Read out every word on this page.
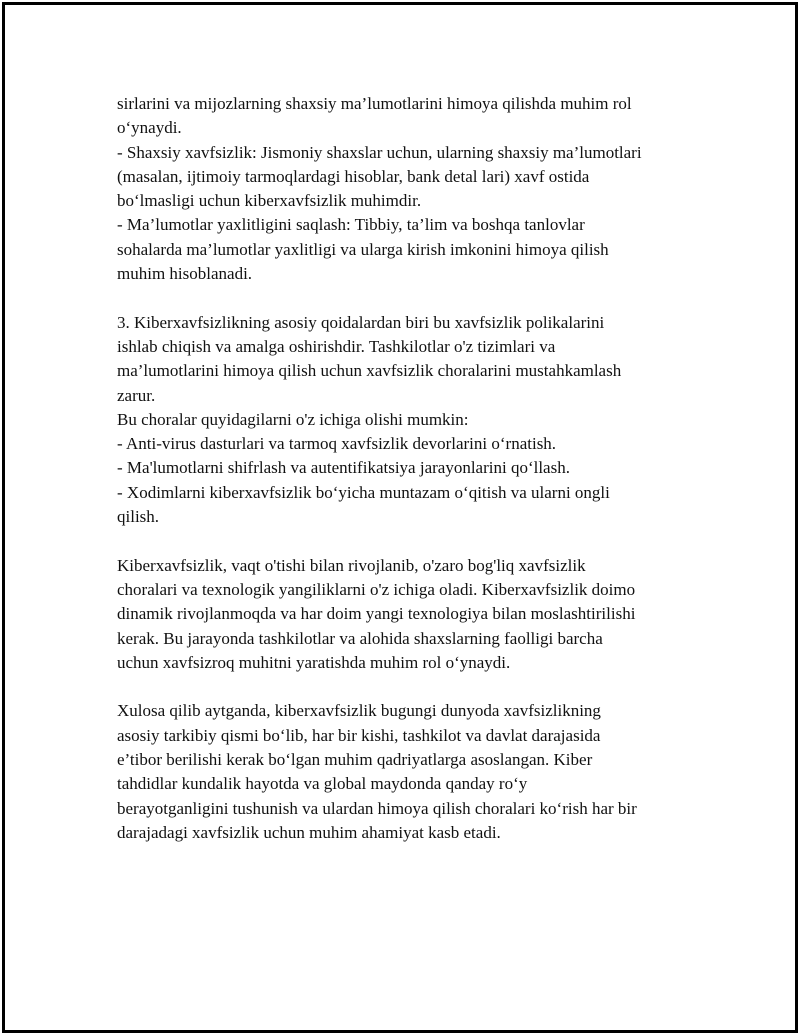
sirlarini va mijozlarning shaxsiy ma’lumotlarini himoya qilishda muhim rol
o‘ynaydi.
- Shaxsiy xavfsizlik: Jismoniy shaxslar uchun, ularning shaxsiy ma’lumotlari
(masalan, ijtimoiy tarmoqlardagi hisoblar, bank detal lari) xavf ostida
bo‘lmasligi uchun kiberxavfsizlik muhimdir.
- Ma’lumotlar yaxlitligini saqlash: Tibbiy, ta’lim va boshqa tanlovlar
sohalarda ma’lumotlar yaxlitligi va ularga kirish imkonini himoya qilish
muhim hisoblanadi.
3. Kiberxavfsizlikning asosiy qoidalardan biri bu xavfsizlik polikalarini
ishlab chiqish va amalga oshirishdir. Tashkilotlar o'z tizimlari va
ma’lumotlarini himoya qilish uchun xavfsizlik choralarini mustahkamlash
zarur.
Bu choralar quyidagilarni o'z ichiga olishi mumkin:
- Anti-virus dasturlari va tarmoq xavfsizlik devorlarini o‘rnatish.
- Ma'lumotlarni shifrlash va autentifikatsiya jarayonlarini qo‘llash.
- Xodimlarni kiberxavfsizlik bo‘yicha muntazam o‘qitish va ularni ongli
qilish.
Kiberxavfsizlik, vaqt o'tishi bilan rivojlanib, o'zaro bog'liq xavfsizlik
choralari va texnologik yangiliklarni o'z ichiga oladi. Kiberxavfsizlik doimo
dinamik rivojlanmoqda va har doim yangi texnologiya bilan moslashtirilishi
kerak. Bu jarayonda tashkilotlar va alohida shaxslarning faolligi barcha
uchun xavfsizroq muhitni yaratishda muhim rol o‘ynaydi.
Xulosa qilib aytganda, kiberxavfsizlik bugungi dunyoda xavfsizlikning
asosiy tarkibiy qismi bo‘lib, har bir kishi, tashkilot va davlat darajasida
e’tibor berilishi kerak bo‘lgan muhim qadriyatlarga asoslangan. Kiber
tahdidlar kundalik hayotda va global maydonda qanday ro‘y
berayotganligini tushunish va ulardan himoya qilish choralari ko‘rish har bir
darajadagi xavfsizlik uchun muhim ahamiyat kasb etadi.
